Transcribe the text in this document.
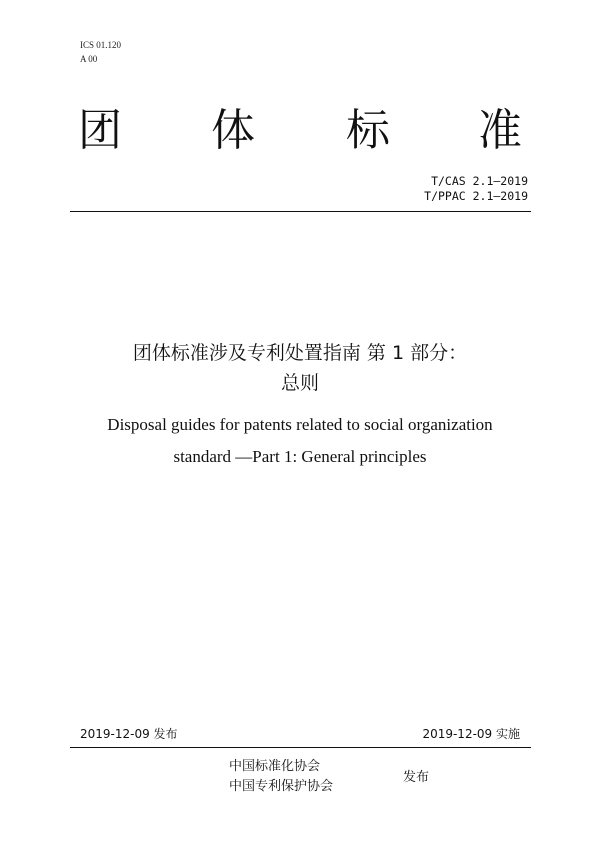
ICS 01.120
A 00
团 体 标 准
T/CAS 2.1—2019
T/PPAC 2.1—2019
团体标准涉及专利处置指南 第 1 部分：
总则
Disposal guides for patents related to social organization
standard —Part 1: General principles
2019-12-09 发布	2019-12-09 实施
中国标准化协会
中国专利保护协会
发布
